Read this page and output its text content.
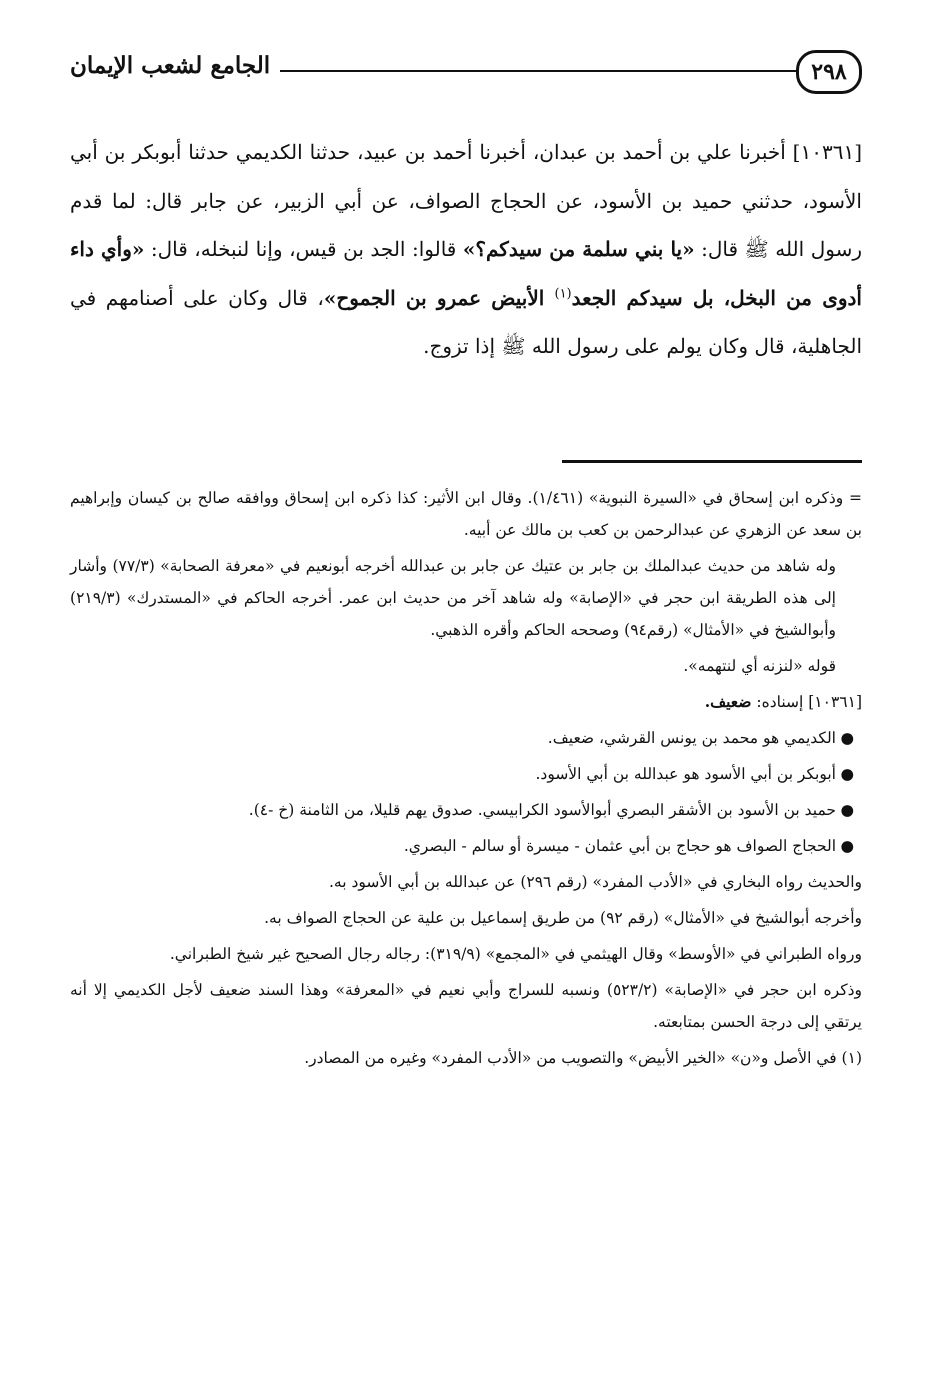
٢٩٨
الجامع لشعب الإيمان
[١٠٣٦١] أخبرنا علي بن أحمد بن عبدان، أخبرنا أحمد بن عبيد، حدثنا الكديمي حدثنا أبوبكر بن أبي الأسود، حدثني حميد بن الأسود، عن الحجاج الصواف، عن أبي الزبير، عن جابر قال: لما قدم رسول الله ﷺ قال: «يا بني سلمة من سيدكم؟» قالوا: الجد بن قيس، وإنا لنبخله، قال: «وأي داء أدوى من البخل، بل سيدكم الجعد$^{(١)}$ الأبيض عمرو بن الجموح»، قال وكان على أصنامهم في الجاهلية، قال وكان يولم على رسول الله ﷺ إذا تزوج.

= وذكره ابن إسحاق في «السيرة النبوية» (١/٤٦١). وقال ابن الأثير: كذا ذكره ابن إسحاق ووافقه صالح بن كيسان وإبراهيم بن سعد عن الزهري عن عبدالرحمن بن كعب بن مالك عن أبيه.

وله شاهد من حديث عبدالملك بن جابر بن عتيك عن جابر بن عبدالله أخرجه أبونعيم في «معرفة الصحابة» (٧٧/٣) وأشار إلى هذه الطريقة ابن حجر في «الإصابة» وله شاهد آخر من حديث ابن عمر. أخرجه الحاكم في «المستدرك» (٢١٩/٣) وأبوالشيخ في «الأمثال» (رقم٩٤) وصححه الحاكم وأقره الذهبي.

قوله «لنزنه أي لنتهمه».

[١٠٣٦١] إسناده: ضعيف.

●
الكديمي هو محمد بن يونس القرشي، ضعيف.

●
أبوبكر بن أبي الأسود هو عبدالله بن أبي الأسود.

●
حميد بن الأسود بن الأشقر البصري أبوالأسود الكرابيسي. صدوق يهم قليلا، من الثامنة (خ -٤).

●
الحجاج الصواف هو حجاج بن أبي عثمان - ميسرة أو سالم - البصري.

والحديث رواه البخاري في «الأدب المفرد» (رقم ٢٩٦) عن عبدالله بن أبي الأسود به.

وأخرجه أبوالشيخ في «الأمثال» (رقم ٩٢) من طريق إسماعيل بن علية عن الحجاج الصواف به.

ورواه الطبراني في «الأوسط» وقال الهيثمي في «المجمع» (٣١٩/٩): رجاله رجال الصحيح غير شيخ الطبراني.

وذكره ابن حجر في «الإصابة» (٥٢٣/٢) ونسبه للسراج وأبي نعيم في «المعرفة» وهذا السند ضعيف لأجل الكديمي إلا أنه يرتقي إلى درجة الحسن بمتابعته.

(١) في الأصل و«ن» «الخير الأبيض» والتصويب من «الأدب المفرد» وغيره من المصادر.
